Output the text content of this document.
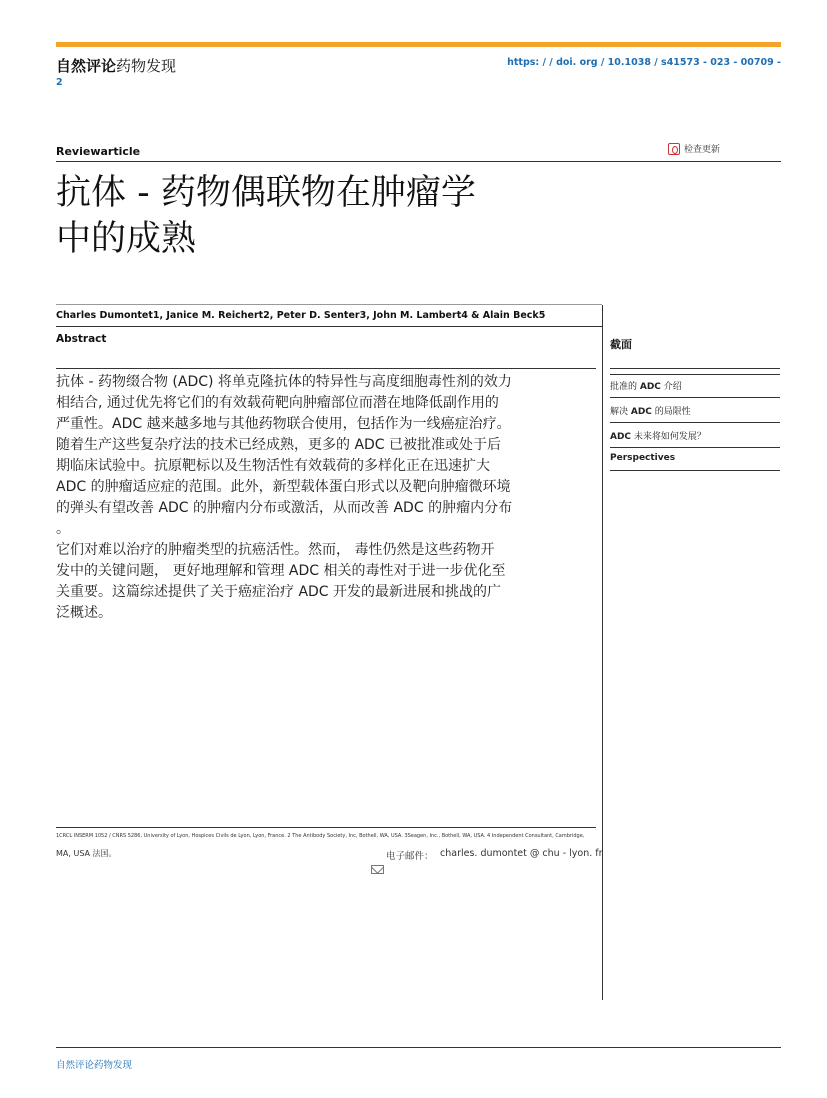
自然评论药物发现	https: / / doi. org / 10.1038 / s41573 - 023 - 00709 -
2
Reviewarticle	检查更新
抗体 - 药物偶联物在肿瘤学
中的成熟
Charles Dumontet1, Janice M. Reichert2, Peter D. Senter3, John M. Lambert4 & Alain Beck5
Abstract

抗体 - 药物缀合物 (ADC) 将单克隆抗体的特异性与高度细胞毒性剂的效力

相结合, 通过优先将它们的有效载荷靶向肿瘤部位而潜在地降低副作用的

严重性。ADC 越来越多地与其他药物联合使用，包括作为一线癌症治疗。

随着生产这些复杂疗法的技术已经成熟，更多的 ADC 已被批准或处于后

期临床试验中。抗原靶标以及生物活性有效载荷的多样化正在迅速扩大

ADC 的肿瘤适应症的范围。此外，新型载体蛋白形式以及靶向肿瘤微环境

的弹头有望改善 ADC 的肿瘤内分布或激活，从而改善 ADC 的肿瘤内分布

。

它们对难以治疗的肿瘤类型的抗癌活性。然而， 毒性仍然是这些药物开

发中的关键问题， 更好地理解和管理 ADC 相关的毒性对于进一步优化至

关重要。这篇综述提供了关于癌症治疗 ADC 开发的最新进展和挑战的广

泛概述。

截面
批准的 ADC 介绍
解决 ADC 的局限性
ADC 未来将如何发展？
Perspectives
1CRCL INSERM 1052 / CNRS 5286, University of Lyon, Hospices Civils de Lyon, Lyon, France. 2 The Antibody Society, Inc, Bothell, WA, USA. 3Seagen, Inc., Bothell, WA, USA. 4 Independent Consultant, Cambridge,
MA, USA 法国。	电子邮件： charles. dumontet @ chu - lyon. fr
自然评论药物发现
